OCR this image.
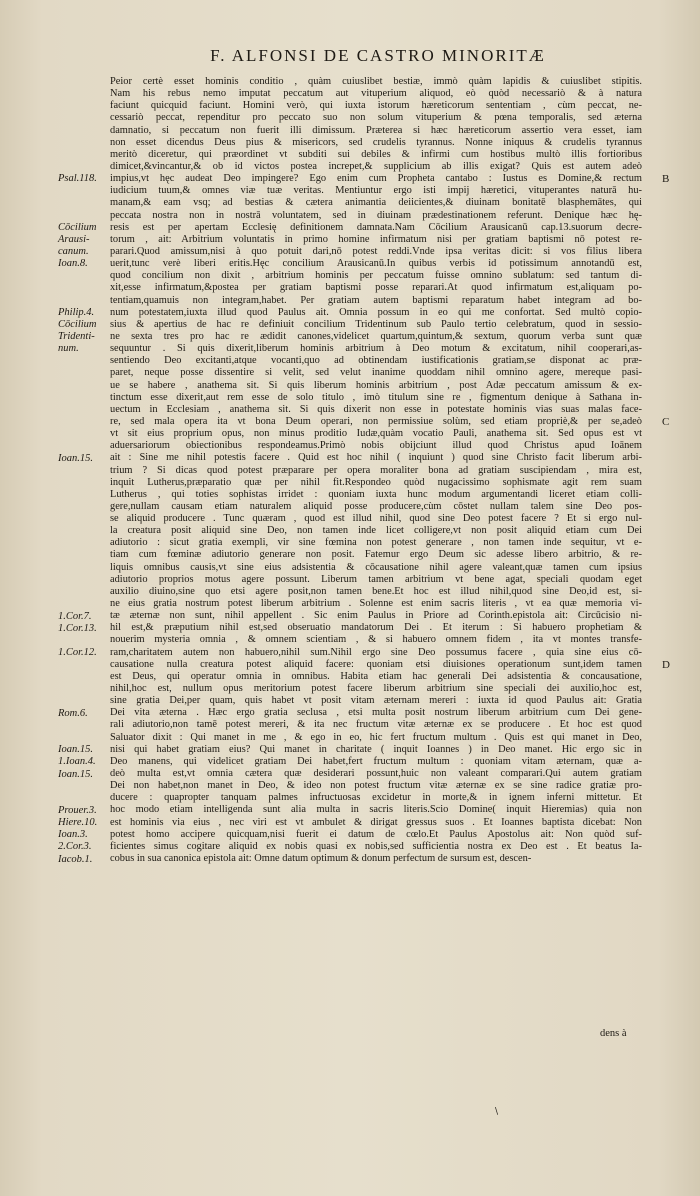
F. ALFONSI DE CASTRO MINORITÆ
Peior certè esset hominis conditio , quàm cuiuslibet bestiæ, immò quàm lapidis & cuiuslibet stipitis.
Nam his rebus nemo imputat peccatum aut vituperium aliquod, eò quòd necessariò & à natura
faciunt quicquid faciunt. Homini verò, qui iuxta istorum hæreticorum sententiam , cùm peccat, ne-
cessariò peccat, rependitur pro peccato suo non solum vituperium & pœna temporalis, sed æterna
damnatio, si peccatum non fuerit illi dimissum. Præterea si hæc hæreticorum assertio vera esset, iam
non esset dicendus Deus pius & misericors, sed crudelis tyrannus. Nonne iniquus & crudelis tyrannus
meritò diceretur, qui præordinet vt subditi sui debiles & infirmi cum hostibus multò illis fortioribus
dimicet,&vincantur,& ob id victos postea increpet,& supplicium ab illis exigat? Quis est autem adeò
impius,vt hęc audeat Deo impingere? Ego enim cum Propheta cantabo : Iustus es Domine,& rectum
iudicium tuum,& omnes viæ tuæ veritas. Mentiuntur ergo isti impij hæretici, vituperantes naturā hu-
manam,& eam vsq; ad bestias & cætera animantia deiicientes,& diuinam bonitatē blasphemātes, qui
peccata nostra non in nostrā voluntatem, sed in diuinam prædestinationem referunt. Denique hæc hę-
resis est per apertam Ecclesię definitionem damnata.Nam Cōcilium Arausicanū cap.13.suorum decre-
torum , ait: Arbitrium voluntatis in primo homine infirmatum nisi per gratiam baptismi nō potest re-
parari.Quod amissum,nisi à quo potuit dari,nō potest reddi.Vnde ipsa veritas dicit: si vos filius libera
uerit,tunc verè liberi eritis.Hęc concilium Arausicanū.In quibus verbis id potissimum annotandū est,
quod concilium non dixit , arbitrium hominis per peccatum fuisse omnino sublatum: sed tantum di-
xit,esse infirmatum,&postea per gratiam baptismi posse reparari.At quod infirmatum est,aliquam po-
tentiam,quamuis non integram,habet. Per gratiam autem baptismi reparatum habet integram ad bo-
num potestatem,iuxta illud quod Paulus ait. Omnia possum in eo qui me confortat. Sed multò copio-
sius & apertius de hac re definiuit concilium Tridentinum sub Paulo tertio celebratum, quod in sessio-
ne sexta tres pro hac re ædidit canones,videlicet quartum,quintum,& sextum, quorum verba sunt quæ
sequuntur . Si quis dixerit,liberum hominis arbitrium à Deo motum & excitatum, nihil cooperari,as-
sentiendo Deo excitanti,atque vocanti,quo ad obtinendam iustificationis gratiam,se disponat ac præ-
paret, neque posse dissentire si velit, sed velut inanime quoddam nihil omnino agere, mereque pasi-
ue se habere , anathema sit. Si quis liberum hominis arbitrium , post Adæ peccatum amissum & ex-
tinctum esse dixerit,aut rem esse de solo titulo , imò titulum sine re , figmentum denique à Sathana in-
uectum in Ecclesiam , anathema sit. Si quis dixerit non esse in potestate hominis vias suas malas face-
re, sed mala opera ita vt bona Deum operari, non permissiue solùm, sed etiam propriè,& per se,adeò
vt sit eius proprium opus, non minus proditio Iudæ,quàm vocatio Pauli, anathema sit. Sed opus est vt
aduersariorum obiectionibus respondeamus.Primò nobis obijciunt illud quod Christus apud Ioānem
ait : Sine me nihil potestis facere . Quid est hoc nihil ( inquiunt ) quod sine Christo facit liberum arbi-
trium ? Si dicas quod potest præparare per opera moraliter bona ad gratiam suscipiendam , mira est,
inquit Lutherus,præparatio quæ per nihil fit.Respondeo quòd nugacissimo sophismate agit rem suam
Lutherus , qui toties sophistas irridet : quoniam iuxta hunc modum argumentandi liceret etiam colli-
gere,nullam causam etiam naturalem aliquid posse producere,cùm cōstet nullam talem sine Deo pos-
se aliquid producere . Tunc quæram , quod est illud nihil, quod sine Deo potest facere ? Et si ergo nul-
la creatura posit aliquid sine Deo, non tamen inde licet colligere,vt non posit aliquid etiam cum Dei
adiutorio : sicut gratia exempli, vir sine fœmina non potest generare , non tamen inde sequitur, vt e-
tiam cum fœminæ adiutorio generare non posit. Fatemur ergo Deum sic adesse libero arbitrio, & re-
liquis omnibus causis,vt sine eius adsistentia & cōcausatione nihil agere valeant,quæ tamen cum ipsius
adiutorio proprios motus agere possunt. Liberum tamen arbitrium vt bene agat, speciali quodam eget
auxilio diuino,sine quo etsi agere posit,non tamen bene.Et hoc est illud nihil,quod sine Deo,id est, si-
ne eius gratia nostrum potest liberum arbitrium . Solenne est enim sacris literis , vt ea quæ memoria vi-
tæ æternæ non sunt, nihil appellent . Sic enim Paulus in Priore ad Corinth.epistola ait: Circūcisio ni-
hil est,& præputium nihil est,sed obseruatio mandatorum Dei . Et iterum : Si habuero prophetiam &
nouerim mysteria omnia , & omnem scientiam , & si habuero omnem fidem , ita vt montes transfe-
ram,charitatem autem non habuero,nihil sum.Nihil ergo sine Deo possumus facere , quia sine eius cō-
causatione nulla creatura potest aliquid facere: quoniam etsi diuisiones operationum sunt,idem tamen
est Deus, qui operatur omnia in omnibus. Habita etiam hac generali Dei adsistentia & concausatione,
nihil,hoc est, nullum opus meritorium potest facere liberum arbitrium sine speciali dei auxilio,hoc est,
sine gratia Dei,per quam, quis habet vt posit vitam æternam mereri : iuxta id quod Paulus ait: Gratia
Dei vita æterna . Hæc ergo gratia seclusa , etsi multa posit nostrum liberum arbitrium cum Dei gene-
rali adiutorio,non tamē potest mereri, & ita nec fructum vitæ æternæ ex se producere . Et hoc est quod
Saluator dixit : Qui manet in me , & ego in eo, hic fert fructum multum . Quis est qui manet in Deo,
nisi qui habet gratiam eius? Qui manet in charitate ( inquit Ioannes ) in Deo manet. Hic ergo sic in
Deo manens, qui videlicet gratiam Dei habet,fert fructum multum : quoniam vitam æternam, quæ a-
deò multa est,vt omnia cætera quæ desiderari possunt,huic non valeant comparari.Qui autem gratiam
Dei non habet,non manet in Deo, & ideo non potest fructum vitæ æternæ ex se sine radice gratiæ pro-
ducere : quapropter tanquam palmes infructuosas excidetur in morte,& in ignem inferni mittetur. Et
hoc modo etiam intelligenda sunt alia multa in sacris literis.Scio Domine( inquit Hieremias) quia non
est hominis via eius , nec viri est vt ambulet & dirigat gressus suos . Et Ioannes baptista dicebat: Non
potest homo accipere quicquam,nisi fuerit ei datum de cœlo.Et Paulus Apostolus ait: Non quòd suf-
ficientes simus cogitare aliquid ex nobis quasi ex nobis,sed sufficientia nostra ex Deo est . Et beatus Ia-
cobus in sua canonica epistola ait: Omne datum optimum & donum perfectum de sursum est, descen-
Psal.118.
Cōcilium
Arausi-
canum.
Ioan.8.
Philip.4.
Cōcilium
Tridenti-
num.
Ioan.15.
1.Cor.7.
1.Cor.13.
1.Cor.12.
Rom.6.
Ioan.15.
1.Ioan.4.
Ioan.15.
Prouer.3.
Hiere.10.
Ioan.3.
2.Cor.3.
Iacob.1.
B
C
D
dens à
\
